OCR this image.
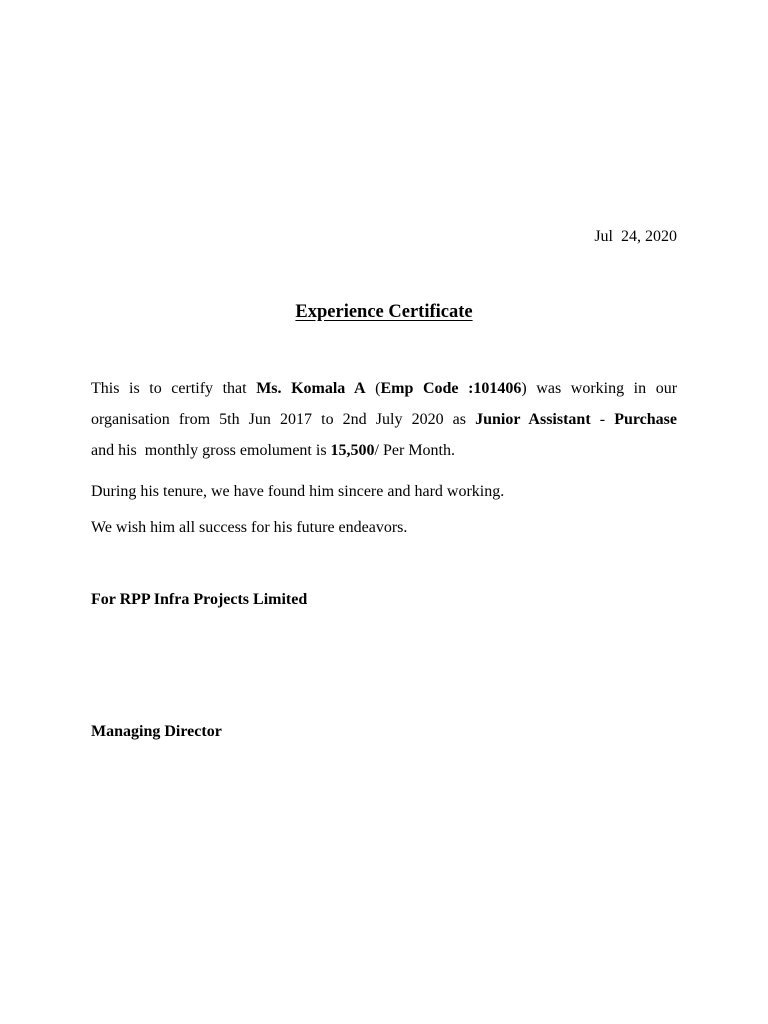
Jul  24, 2020
Experience Certificate
This is to certify that Ms. Komala A (Emp Code :101406) was working in our
organisation from 5th Jun 2017 to 2nd July 2020 as Junior Assistant - Purchase
and his  monthly gross emolument is 15,500/ Per Month.

During his tenure, we have found him sincere and hard working.

We wish him all success for his future endeavors.

For RPP Infra Projects Limited

Managing Director
